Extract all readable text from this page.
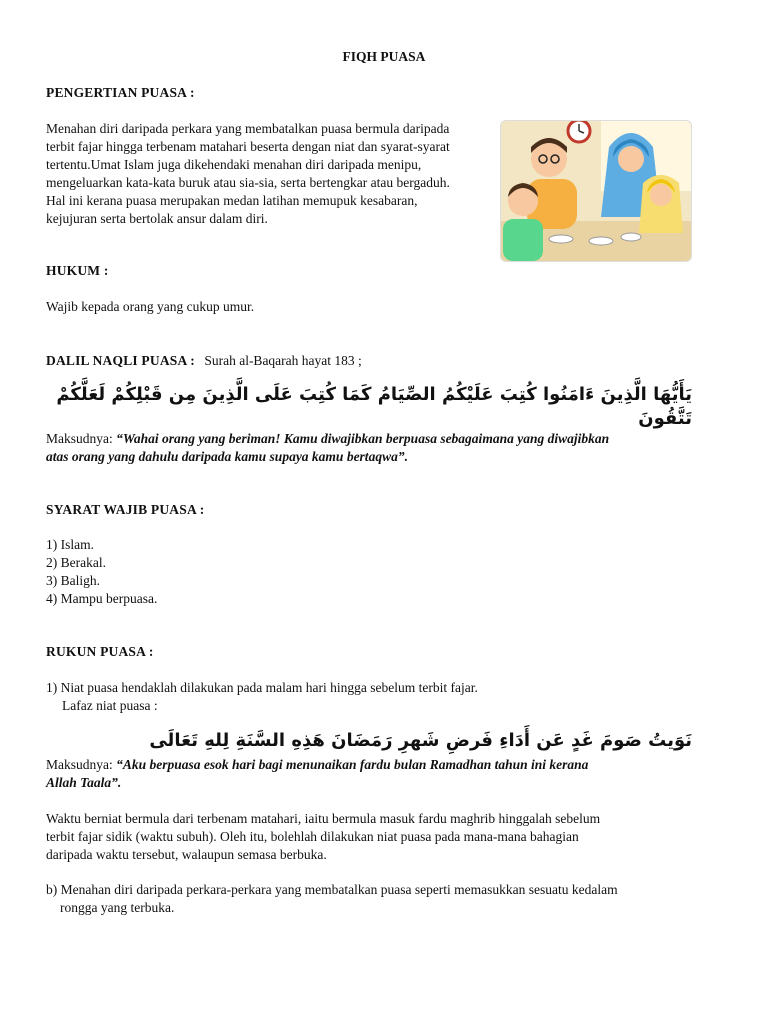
FIQH PUASA
PENGERTIAN PUASA :
Menahan diri daripada perkara yang membatalkan puasa bermula daripada
terbit fajar hingga terbenam matahari beserta dengan niat dan syarat-syarat
tertentu.Umat Islam juga dikehendaki menahan diri daripada menipu,
mengeluarkan kata-kata buruk atau sia-sia, serta bertengkar atau bergaduh.
Hal ini kerana puasa merupakan medan latihan memupuk kesabaran,
kejujuran serta bertolak ansur dalam diri.
HUKUM :
Wajib kepada orang yang cukup umur.
DALIL NAQLI PUASA : Surah al-Baqarah hayat 183 ;
يَأَيُّهَا الَّذِينَ ءَامَنُوا كُتِبَ عَلَيْكُمُ الصِّيَامُ كَمَا كُتِبَ عَلَى الَّذِينَ مِن قَبْلِكُمْ لَعَلَّكُمْ تَتَّقُونَ
Maksudnya: “Wahai orang yang beriman! Kamu diwajibkan berpuasa sebagaimana yang diwajibkan
atas orang yang dahulu daripada kamu supaya kamu bertaqwa”.
SYARAT WAJIB PUASA :
1) Islam.
2) Berakal.
3) Baligh.
4) Mampu berpuasa.
RUKUN PUASA :
1) Niat puasa hendaklah dilakukan pada malam hari hingga sebelum terbit fajar.
Lafaz niat puasa :
نَوَيتُ صَومَ غَدٍ عَن أَدَاءِ فَرضِ شَهرِ رَمَضَانَ هَذِهِ السَّنَةِ لِلهِ تَعَالَى
Maksudnya: “Aku berpuasa esok hari bagi menunaikan fardu bulan Ramadhan tahun ini kerana
Allah Taala”.
Waktu berniat bermula dari terbenam matahari, iaitu bermula masuk fardu maghrib hinggalah sebelum
terbit fajar sidik (waktu subuh). Oleh itu, bolehlah dilakukan niat puasa pada mana-mana bahagian
daripada waktu tersebut, walaupun semasa berbuka.
b) Menahan diri daripada perkara-perkara yang membatalkan puasa seperti memasukkan sesuatu kedalam
rongga yang terbuka.
